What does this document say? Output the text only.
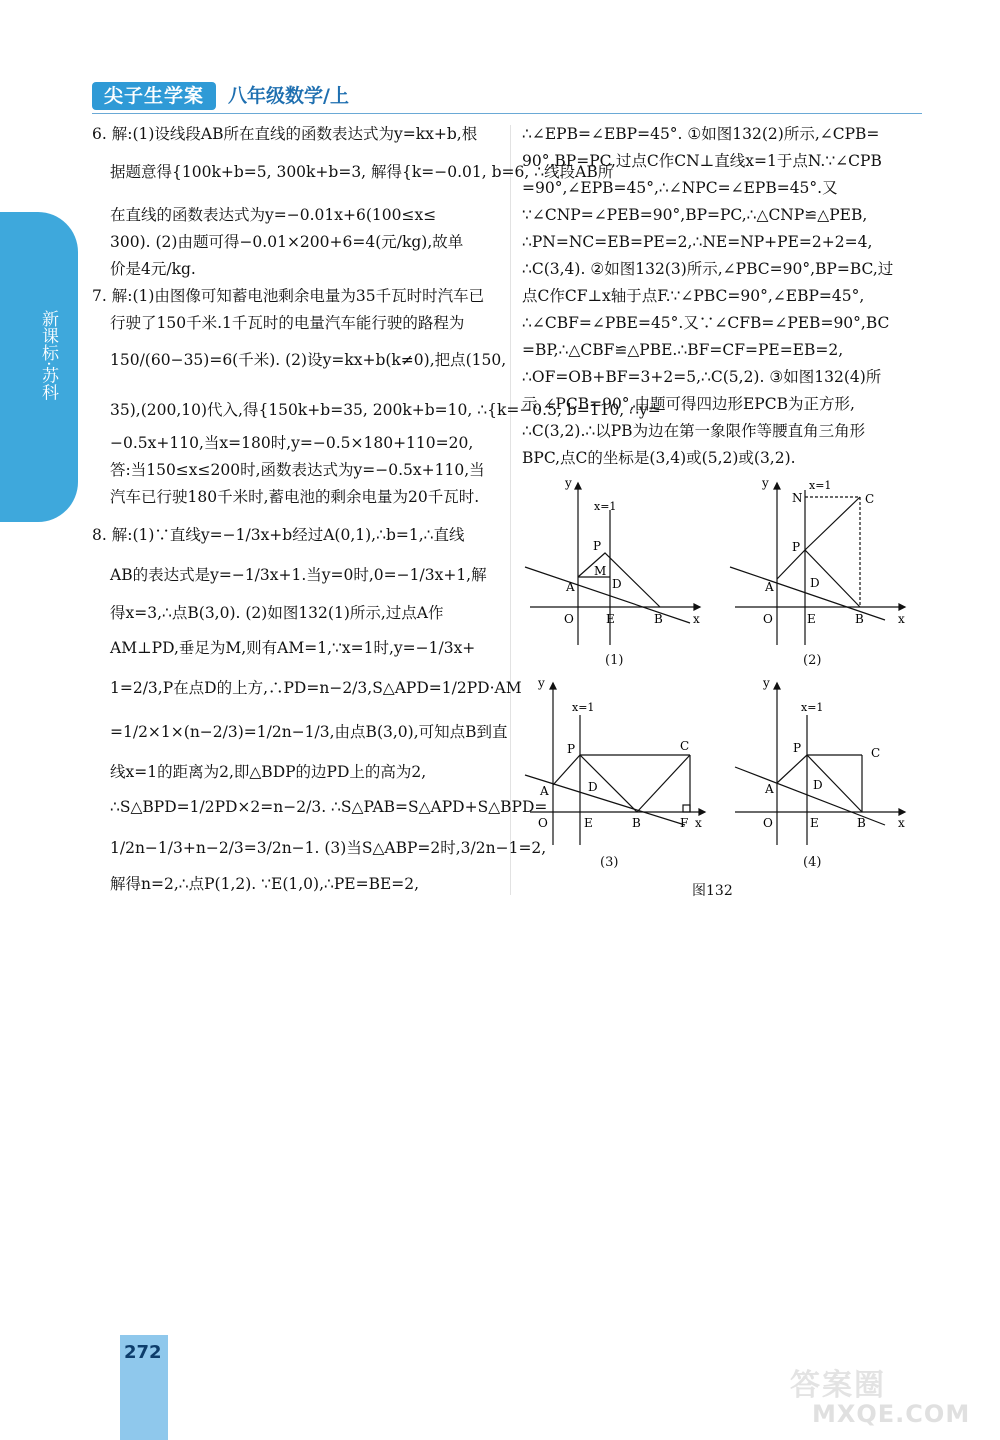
尖子生学案	八年级数学/上
新课标·苏科
6. 解:(1)设线段AB所在直线的函数表达式为y=kx+b,根
据题意得{100k+b=5, 300k+b=3, 解得{k=−0.01, b=6, ∴线段AB所
在直线的函数表达式为y=−0.01x+6(100≤x≤
300). (2)由题可得−0.01×200+6=4(元/kg),故单
价是4元/kg.
7. 解:(1)由图像可知蓄电池剩余电量为35千瓦时时汽车已
行驶了150千米.1千瓦时的电量汽车能行驶的路程为
150/(60−35)=6(千米). (2)设y=kx+b(k≠0),把点(150,
35),(200,10)代入,得{150k+b=35, 200k+b=10, ∴{k=−0.5, b=110, ∴y=
−0.5x+110,当x=180时,y=−0.5×180+110=20,
答:当150≤x≤200时,函数表达式为y=−0.5x+110,当
汽车已行驶180千米时,蓄电池的剩余电量为20千瓦时.
8. 解:(1)∵直线y=−1/3x+b经过A(0,1),∴b=1,∴直线
AB的表达式是y=−1/3x+1.当y=0时,0=−1/3x+1,解
得x=3,∴点B(3,0). (2)如图132(1)所示,过点A作
AM⊥PD,垂足为M,则有AM=1,∵x=1时,y=−1/3x+
1=2/3,P在点D的上方,∴PD=n−2/3,S△APD=1/2PD·AM
=1/2×1×(n−2/3)=1/2n−1/3,由点B(3,0),可知点B到直
线x=1的距离为2,即△BDP的边PD上的高为2,
∴S△BPD=1/2PD×2=n−2/3. ∴S△PAB=S△APD+S△BPD=
1/2n−1/3+n−2/3=3/2n−1. (3)当S△ABP=2时,3/2n−1=2,
解得n=2,∴点P(1,2). ∵E(1,0),∴PE=BE=2,
∴∠EPB=∠EBP=45°. ①如图132(2)所示,∠CPB=
90°,BP=PC,过点C作CN⊥直线x=1于点N.∵∠CPB
=90°,∠EPB=45°,∴∠NPC=∠EPB=45°.又
∵∠CNP=∠PEB=90°,BP=PC,∴△CNP≌△PEB,
∴PN=NC=EB=PE=2,∴NE=NP+PE=2+2=4,
∴C(3,4). ②如图132(3)所示,∠PBC=90°,BP=BC,过
点C作CF⊥x轴于点F.∵∠PBC=90°,∠EBP=45°,
∴∠CBF=∠PBE=45°.又∵∠CFB=∠PEB=90°,BC
=BP,∴△CBF≌△PBE.∴BF=CF=PE=EB=2,
∴OF=OB+BF=3+2=5,∴C(5,2). ③如图132(4)所
示,∠PCB=90°,由题可得四边形EPCB为正方形,
∴C(3,2).∴以PB为边在第一象限作等腰直角三角形
BPC,点C的坐标是(3,4)或(5,2)或(3,2).
y
x
x=1
P
M
A	D
O	E	B
(1)
y
x
x=1
N	C
P
A	D
O	E	B
(2)
y
x
x=1
P	C
A	D
O	E	B	F
(3)
y
x
x=1
P	C
A	D
O	E	B
(4)
图132
272
答案圈
MXQE.COM
